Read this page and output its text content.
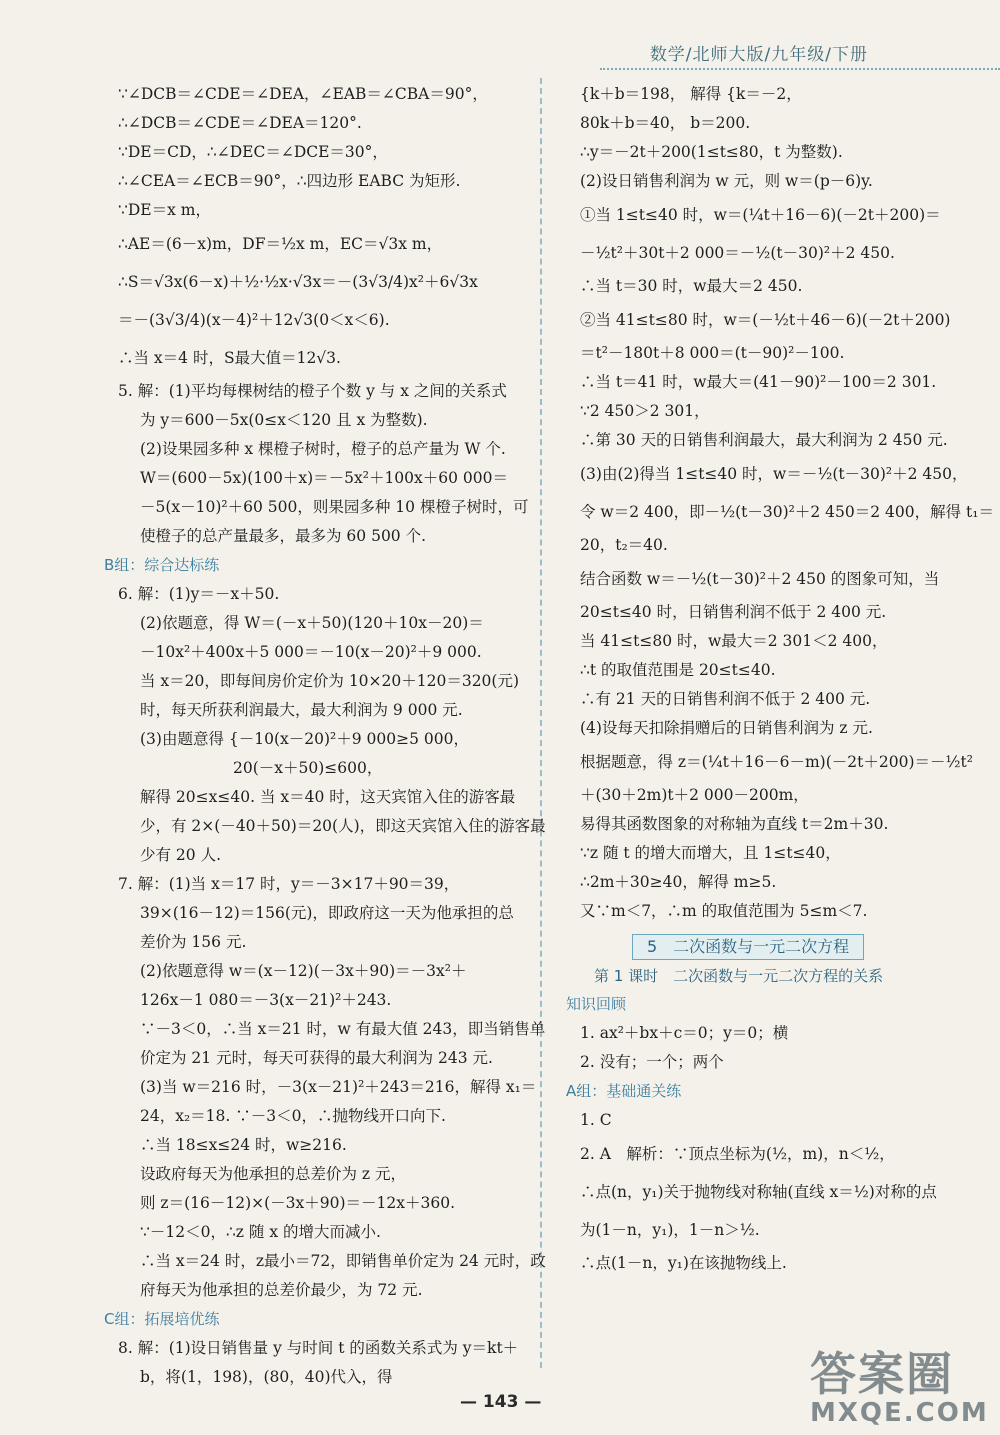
数学/北师大版/九年级/下册
∵∠DCB＝∠CDE＝∠DEA，∠EAB＝∠CBA＝90°，
∴∠DCB＝∠CDE＝∠DEA＝120°.
∵DE＝CD，∴∠DEC＝∠DCE＝30°，
∴∠CEA＝∠ECB＝90°，∴四边形 EABC 为矩形.
∵DE＝x m，
∴AE＝(6－x)m，DF＝½x m，EC＝√3x m，
∴S＝√3x(6－x)＋½·½x·√3x＝－(3√3/4)x²＋6√3x
＝－(3√3/4)(x－4)²＋12√3(0＜x＜6).
∴当 x＝4 时，S最大值＝12√3.
5. 解：(1)平均每棵树结的橙子个数 y 与 x 之间的关系式
为 y＝600－5x(0≤x＜120 且 x 为整数).
(2)设果园多种 x 棵橙子树时，橙子的总产量为 W 个.
W＝(600－5x)(100＋x)＝－5x²＋100x＋60 000＝
－5(x－10)²＋60 500，则果园多种 10 棵橙子树时，可
使橙子的总产量最多，最多为 60 500 个.
B组：综合达标练
6. 解：(1)y＝－x＋50.
(2)依题意，得 W＝(－x＋50)(120＋10x－20)＝
－10x²＋400x＋5 000＝－10(x－20)²＋9 000.
当 x＝20，即每间房价定价为 10×20＋120＝320(元)
时，每天所获利润最大，最大利润为 9 000 元.
(3)由题意得 {－10(x－20)²＋9 000≥5 000，
20(－x＋50)≤600，
解得 20≤x≤40. 当 x＝40 时，这天宾馆入住的游客最
少，有 2×(－40＋50)＝20(人)，即这天宾馆入住的游客最
少有 20 人.
7. 解：(1)当 x＝17 时，y＝－3×17＋90＝39，
39×(16－12)＝156(元)，即政府这一天为他承担的总
差价为 156 元.
(2)依题意得 w＝(x－12)(－3x＋90)＝－3x²＋
126x－1 080＝－3(x－21)²＋243.
∵－3＜0，∴当 x＝21 时，w 有最大值 243，即当销售单
价定为 21 元时，每天可获得的最大利润为 243 元.
(3)当 w＝216 时，－3(x－21)²＋243＝216，解得 x₁＝
24，x₂＝18. ∵－3＜0，∴抛物线开口向下.
∴当 18≤x≤24 时，w≥216.
设政府每天为他承担的总差价为 z 元，
则 z＝(16－12)×(－3x＋90)＝－12x＋360.
∵－12＜0，∴z 随 x 的增大而减小.
∴当 x＝24 时，z最小＝72，即销售单价定为 24 元时，政
府每天为他承担的总差价最少，为 72 元.
C组：拓展培优练
8. 解：(1)设日销售量 y 与时间 t 的函数关系式为 y＝kt＋
b，将(1，198)，(80，40)代入，得
{k＋b＝198， 解得 {k＝－2，
80k＋b＝40， b＝200.
∴y＝－2t＋200(1≤t≤80，t 为整数).
(2)设日销售利润为 w 元，则 w＝(p－6)y.
①当 1≤t≤40 时，w＝(¼t＋16－6)(－2t＋200)＝
－½t²＋30t＋2 000＝－½(t－30)²＋2 450.
∴当 t＝30 时，w最大＝2 450.
②当 41≤t≤80 时，w＝(－½t＋46－6)(－2t＋200)
＝t²－180t＋8 000＝(t－90)²－100.
∴当 t＝41 时，w最大＝(41－90)²－100＝2 301.
∵2 450＞2 301，
∴第 30 天的日销售利润最大，最大利润为 2 450 元.
(3)由(2)得当 1≤t≤40 时，w＝－½(t－30)²＋2 450，
令 w＝2 400，即－½(t－30)²＋2 450＝2 400，解得 t₁＝
20，t₂＝40.
结合函数 w＝－½(t－30)²＋2 450 的图象可知，当
20≤t≤40 时，日销售利润不低于 2 400 元.
当 41≤t≤80 时，w最大＝2 301＜2 400，
∴t 的取值范围是 20≤t≤40.
∴有 21 天的日销售利润不低于 2 400 元.
(4)设每天扣除捐赠后的日销售利润为 z 元.
根据题意，得 z＝(¼t＋16－6－m)(－2t＋200)＝－½t²
＋(30＋2m)t＋2 000－200m，
易得其函数图象的对称轴为直线 t＝2m＋30.
∵z 随 t 的增大而增大，且 1≤t≤40，
∴2m＋30≥40，解得 m≥5.
又∵m＜7，∴m 的取值范围为 5≤m＜7.
5　二次函数与一元二次方程
第 1 课时　二次函数与一元二次方程的关系
知识回顾
1. ax²＋bx＋c＝0；y＝0；横
2. 没有；一个；两个
A组：基础通关练
1. C
2. A　解析：∵顶点坐标为(½，m)，n＜½，
∴点(n，y₁)关于抛物线对称轴(直线 x＝½)对称的点
为(1－n，y₁)，1－n＞½.
∴点(1－n，y₁)在该抛物线上.
— 143 —
答案圈
MXQE.COM
